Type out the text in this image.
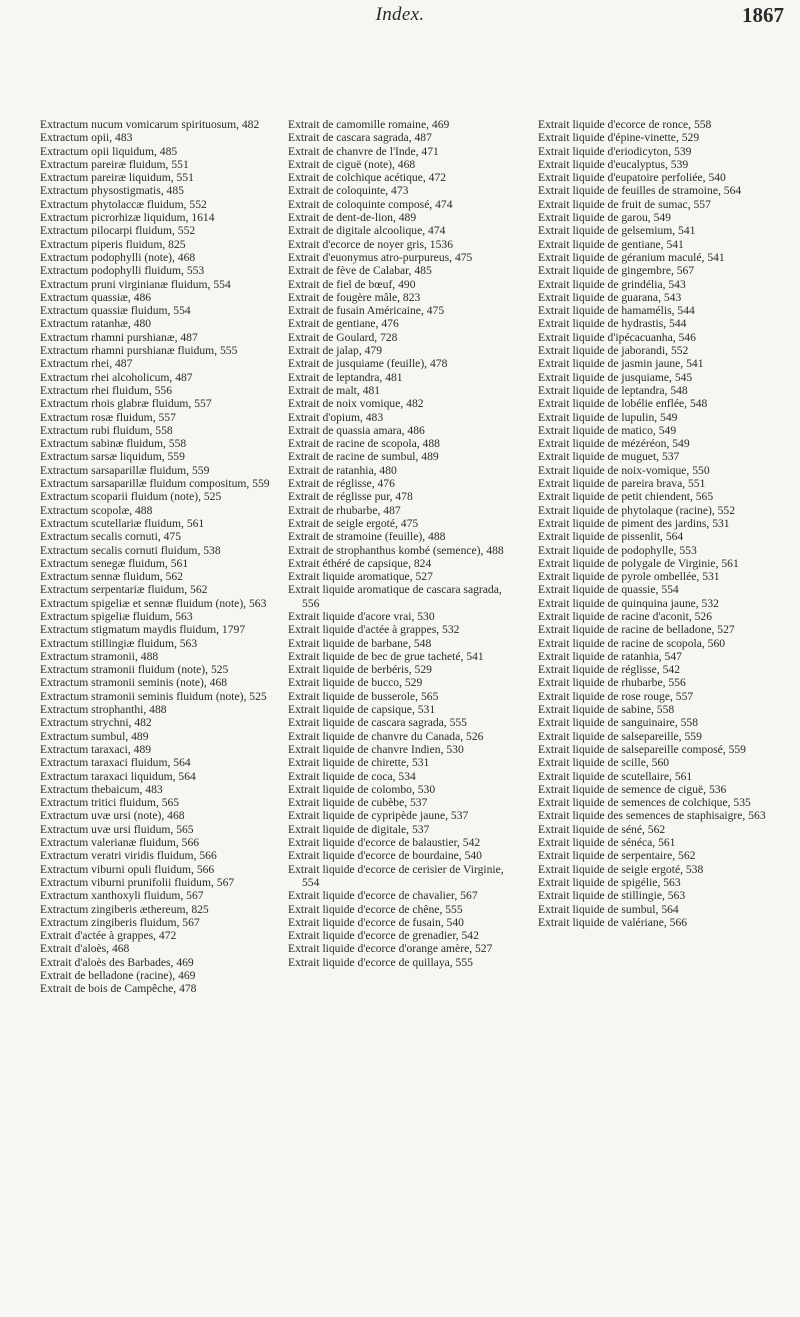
Index.	1867

Extractum nucum vomicarum spirituosum, 482

Extractum opii, 483

Extractum opii liquidum, 485

Extractum pareiræ fluidum, 551

Extractum pareiræ liquidum, 551

Extractum physostigmatis, 485

Extractum phytolaccæ fluidum, 552

Extractum picrorhizæ liquidum, 1614

Extractum pilocarpi fluidum, 552

Extractum piperis fluidum, 825

Extractum podophylli (note), 468

Extractum podophylli fluidum, 553

Extractum pruni virginianæ fluidum, 554

Extractum quassiæ, 486

Extractum quassiæ fluidum, 554

Extractum ratanhæ, 480

Extractum rhamni purshianæ, 487

Extractum rhamni purshianæ fluidum, 555

Extractum rhei, 487

Extractum rhei alcoholicum, 487

Extractum rhei fluidum, 556

Extractum rhois glabræ fluidum, 557

Extractum rosæ fluidum, 557

Extractum rubi fluidum, 558

Extractum sabinæ fluidum, 558

Extractum sarsæ liquidum, 559

Extractum sarsaparillæ fluidum, 559

Extractum sarsaparillæ fluidum compositum, 559

Extractum scoparii fluidum (note), 525

Extractum scopolæ, 488

Extractum scutellariæ fluidum, 561

Extractum secalis cornuti, 475

Extractum secalis cornuti fluidum, 538

Extractum senegæ fluidum, 561

Extractum sennæ fluidum, 562

Extractum serpentariæ fluidum, 562

Extractum spigeliæ et sennæ fluidum (note), 563

Extractum spigeliæ fluidum, 563

Extractum stigmatum maydis fluidum, 1797

Extractum stillingiæ fluidum, 563

Extractum stramonii, 488

Extractum stramonii fluidum (note), 525

Extractum stramonii seminis (note), 468

Extractum stramonii seminis fluidum (note), 525

Extractum strophanthi, 488

Extractum strychni, 482

Extractum sumbul, 489

Extractum taraxaci, 489

Extractum taraxaci fluidum, 564

Extractum taraxaci liquidum, 564

Extractum thebaicum, 483

Extractum tritici fluidum, 565

Extractum uvæ ursi (note), 468

Extractum uvæ ursi fluidum, 565

Extractum valerianæ fluidum, 566

Extractum veratri viridis fluidum, 566

Extractum viburni opuli fluidum, 566

Extractum viburni prunifolii fluidum, 567

Extractum xanthoxyli fluidum, 567

Extractum zingiberis ætherеum, 825

Extractum zingiberis fluidum, 567

Extrait d'actée à grappes, 472

Extrait d'aloès, 468

Extrait d'aloès des Barbades, 469

Extrait de belladone (racine), 469

Extrait de bois de Campêche, 478

Extrait de camomille romaine, 469

Extrait de cascara sagrada, 487

Extrait de chanvre de l'Inde, 471

Extrait de ciguë (note), 468

Extrait de colchique acétique, 472

Extrait de coloquinte, 473

Extrait de coloquinte composé, 474

Extrait de dent-de-lion, 489

Extrait de digitale alcoolique, 474

Extrait d'ecorce de noyer gris, 1536

Extrait d'euonymus atro-purpureus, 475

Extrait de fève de Calabar, 485

Extrait de fiel de bœuf, 490

Extrait de fougère mâle, 823

Extrait de fusain Américaine, 475

Extrait de gentiane, 476

Extrait de Goulard, 728

Extrait de jalap, 479

Extrait de jusquiame (feuille), 478

Extrait de leptandra, 481

Extrait de malt, 481

Extrait de noix vomique, 482

Extrait d'opium, 483

Extrait de quassia amara, 486

Extrait de racine de scopola, 488

Extrait de racine de sumbul, 489

Extrait de ratanhia, 480

Extrait de réglisse, 476

Extrait de réglisse pur, 478

Extrait de rhubarbe, 487

Extrait de seigle ergoté, 475

Extrait de stramoine (feuille), 488

Extrait de strophanthus kombé (semence), 488

Extrait éthéré de capsique, 824

Extrait liquide aromatique, 527

Extrait liquide aromatique de cascara sagrada, 556

Extrait liquide d'acore vrai, 530

Extrait liquide d'actée à grappes, 532

Extrait liquide de barbane, 548

Extrait liquide de bec de grue tacheté, 541

Extrait liquide de berbéris, 529

Extrait liquide de bucco, 529

Extrait liquide de busserole, 565

Extrait liquide de capsique, 531

Extrait liquide de cascara sagrada, 555

Extrait liquide de chanvre du Canada, 526

Extrait liquide de chanvre Indien, 530

Extrait liquide de chirette, 531

Extrait liquide de coca, 534

Extrait liquide de colombo, 530

Extrait liquide de cubèbe, 537

Extrait liquide de cypripède jaune, 537

Extrait liquide de digitale, 537

Extrait liquide d'ecorce de balaustier, 542

Extrait liquide d'ecorce de bourdaine, 540

Extrait liquide d'ecorce de cerisier de Virginie, 554

Extrait liquide d'ecorce de chavalier, 567

Extrait liquide d'ecorce de chêne, 555

Extrait liquide d'ecorce de fusain, 540

Extrait liquide d'ecorce de grenadier, 542

Extrait liquide d'ecorce d'orange amère, 527

Extrait liquide d'ecorce de quillaya, 555

Extrait liquide d'ecorce de ronce, 558

Extrait liquide d'épine-vinette, 529

Extrait liquide d'eriodicyton, 539

Extrait liquide d'eucalyptus, 539

Extrait liquide d'eupatoire perfoliée, 540

Extrait liquide de feuilles de stramoine, 564

Extrait liquide de fruit de sumac, 557

Extrait liquide de garou, 549

Extrait liquide de gelsemium, 541

Extrait liquide de gentiane, 541

Extrait liquide de géranium maculé, 541

Extrait liquide de gingembre, 567

Extrait liquide de grindélia, 543

Extrait liquide de guarana, 543

Extrait liquide de hamamélis, 544

Extrait liquide de hydrastis, 544

Extrait liquide d'ipécacuanha, 546

Extrait liquide de jaborandi, 552

Extrait liquide de jasmin jaune, 541

Extrait liquide de jusquiame, 545

Extrait liquide de leptandra, 548

Extrait liquide de lobélie enflée, 548

Extrait liquide de lupulin, 549

Extrait liquide de matico, 549

Extrait liquide de mézéréon, 549

Extrait liquide de muguet, 537

Extrait liquide de noix-vomique, 550

Extrait liquide de pareira brava, 551

Extrait liquide de petit chiendent, 565

Extrait liquide de phytolaque (racine), 552

Extrait liquide de piment des jardins, 531

Extrait liquide de pissenlit, 564

Extrait liquide de podophylle, 553

Extrait liquide de polygale de Virginie, 561

Extrait liquide de pyrole ombellée, 531

Extrait liquide de quassie, 554

Extrait liquide de quinquina jaune, 532

Extrait liquide de racine d'aconit, 526

Extrait liquide de racine de belladone, 527

Extrait liquide de racine de scopola, 560

Extrait liquide de ratanhia, 547

Extrait liquide de réglisse, 542

Extrait liquide de rhubarbe, 556

Extrait liquide de rose rouge, 557

Extrait liquide de sabine, 558

Extrait liquide de sanguinaire, 558

Extrait liquide de salsepareille, 559

Extrait liquide de salsepareille composé, 559

Extrait liquide de scille, 560

Extrait liquide de scutellaire, 561

Extrait liquide de semence de ciguë, 536

Extrait liquide de semences de colchique, 535

Extrait liquide des semences de staphisaigre, 563

Extrait liquide de séné, 562

Extrait liquide de sénéca, 561

Extrait liquide de serpentaire, 562

Extrait liquide de seigle ergoté, 538

Extrait liquide de spigélie, 563

Extrait liquide de stillingie, 563

Extrait liquide de sumbul, 564

Extrait liquide de valériane, 566
